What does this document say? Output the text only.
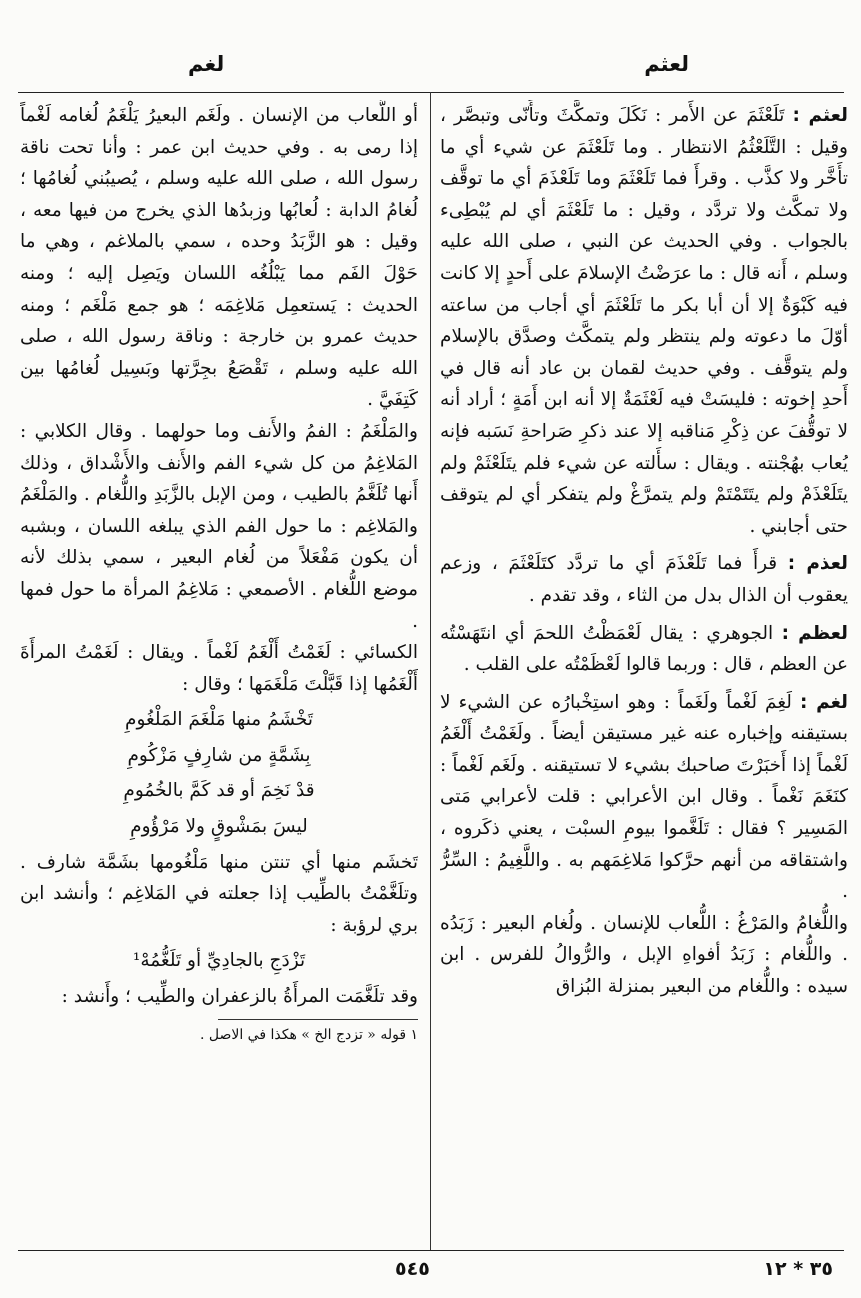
لعثم
لغم

لعثم : تَلَعْثَمَ عن الأَمر : نَكَلَ وتمكَّثَ وتأَنّى وتبصَّر ، وقيل : التَّلَعْثُمُ الانتظار . وما تَلَعْثَمَ عن شيء أي ما تأَخَّر ولا كذَّب . وقرأَ فما تَلَعْثَمَ وما تَلَعْذَمَ أي ما توقَّف ولا تمكَّث ولا تردَّد ، وقيل : ما تَلَعْثَمَ أي لم يُبْطِىء بالجواب . وفي الحديث عن النبي ، صلى الله عليه وسلم ، أَنه قال : ما عرَضْتُ الإسلامَ على أَحدٍ إلا كانت فيه كَبْوَةٌ إلا أن أبا بكر ما تَلَعْثَمَ أي أجاب من ساعته أوّلَ ما دعوته ولم ينتظر ولم يتمكَّث وصدَّق بالإسلام ولم يتوقَّف . وفي حديث لقمان بن عاد أنه قال في أَحدِ إخوته : فليسَتْ فيه لَعْثَمَةٌ إلا أنه ابن أَمَةٍ ؛ أراد أنه لا توقُّفَ عن ذِكْرِ مَناقبه إلا عند ذكرِ صَراحةِ نَسَبه فإنه يُعاب بهُجْنته . ويقال : سأَلته عن شيء فلم يتَلَعْثَمْ ولم يتَلَعْذَمْ ولم يتَتَمْتَمْ ولم يتمرَّغْ ولم يتفكر أي لم يتوقف حتى أجابني .

لعذم : قرأَ فما تَلَعْذَمَ أي ما تردَّد كتَلَعْثَمَ ، وزعم يعقوب أن الذال بدل من الثاء ، وقد تقدم .

لعظم : الجوهري : يقال لَعْمَظْتُ اللحمَ أي انتَهَسْتُه عن العظم ، قال : وربما قالوا لَعْظَمْتُه على القلب .

لغم : لَغِمَ لَغْماً ولَغَماً : وهو استِخْبارُه عن الشيء لا بستيقنه وإخباره عنه غير مستيقن أيضاً . ولَغَمْتُ أَلْغَمُ لَغْماً إذا أَخبَرْتَ صاحبك بشيء لا تستيقنه . ولَغَم لَغْماً : كنَغَمَ نَغْماً . وقال ابن الأعرابي : قلت لأعرابي مَتى المَسِير ؟ فقال : تَلَغَّموا بيومِ السبْت ، يعني ذكَروه ، واشتقاقه من أنهم حرَّكوا مَلاغِمَهم به . واللَّغِيمُ : السِّرُّ .

واللُّغامُ والمَرْغُ : اللُّعاب للإنسان . ولُغام البعير : زَبَدُه . واللُّغام : زَبَدُ أفواهِ الإبل ، والرُّوالُ للفرس . ابن سيده : واللُّغام من البعير بمنزلة البُزاق

أو اللُّعاب من الإنسان . ولَغَم البعيرُ يَلْغَمُ لُغامه لَغْماً إذا رمى به . وفي حديث ابن عمر : وأنا تحت ناقة رسول الله ، صلى الله عليه وسلم ، يُصيبُني لُغامُها ؛ لُغامُ الدابة : لُعابُها وزبدُها الذي يخرج من فيها معه ، وقيل : هو الزَّبَدُ وحده ، سمي بالملاغم ، وهي ما حَوْلَ الفَم مما يَبْلُغُه اللسان ويَصِل إليه ؛ ومنه الحديث : يَستعمِل مَلاغِمَه ؛ هو جمع مَلْغَم ؛ ومنه حديث عمرو بن خارجة : وناقة رسول الله ، صلى الله عليه وسلم ، تَقْصَعُ بجِرَّتها وبَسِيل لُغامُها بين كَتِفَيَّ .

والمَلْغَمُ : الفمُ والأَنف وما حولهما . وقال الكلابي : المَلاغِمُ من كل شيء الفم والأَنف والأَشْداق ، وذلك أَنها تُلَغَّمُ بالطيب ، ومن الإبل بالزَّبَدِ واللُّغام . والمَلْغَمُ والمَلاغِم : ما حول الفم الذي يبلغه اللسان ، وبشبه أن يكون مَفْعَلاً من لُغام البعير ، سمي بذلك لأنه موضع اللُّغام . الأصمعي : مَلاغِمُ المرأة ما حول فمها .

الكسائي : لَغَمْتُ أَلْغَمُ لَغْماً . ويقال : لَغَمْتُ المرأَةَ أَلْغَمُها إذا قَبَّلْتَ مَلْغَمَها ؛ وقال :

تَخْشَمُ منها مَلْغَمَ المَلْغُومِ

بِشَمَّةٍ من شارِفٍ مَزْكُومِ

قدْ نَخِمَ أو قد كَمَّ بالخُمُومِ

ليسَ بمَشْوقٍ ولا مَرْؤُومِ

تَخشَم منها أي تنتن منها مَلْغُومها بشَمَّة شارف . وتلَغَّمْتُ بالطِّيب إذا جعلته في المَلاغِم ؛ وأنشد ابن بري لرؤبة :

تَزْدَجِ بالجادِيِّ أو تَلَغُّمُهْ¹

وقد تلَغَّمَت المرأَةُ بالزعفران والطِّيب ؛ وأَنشد :

١ قوله « تزدج الخ » هكذا في الاصل .

٥٤٥	٣٥ * ١٢
